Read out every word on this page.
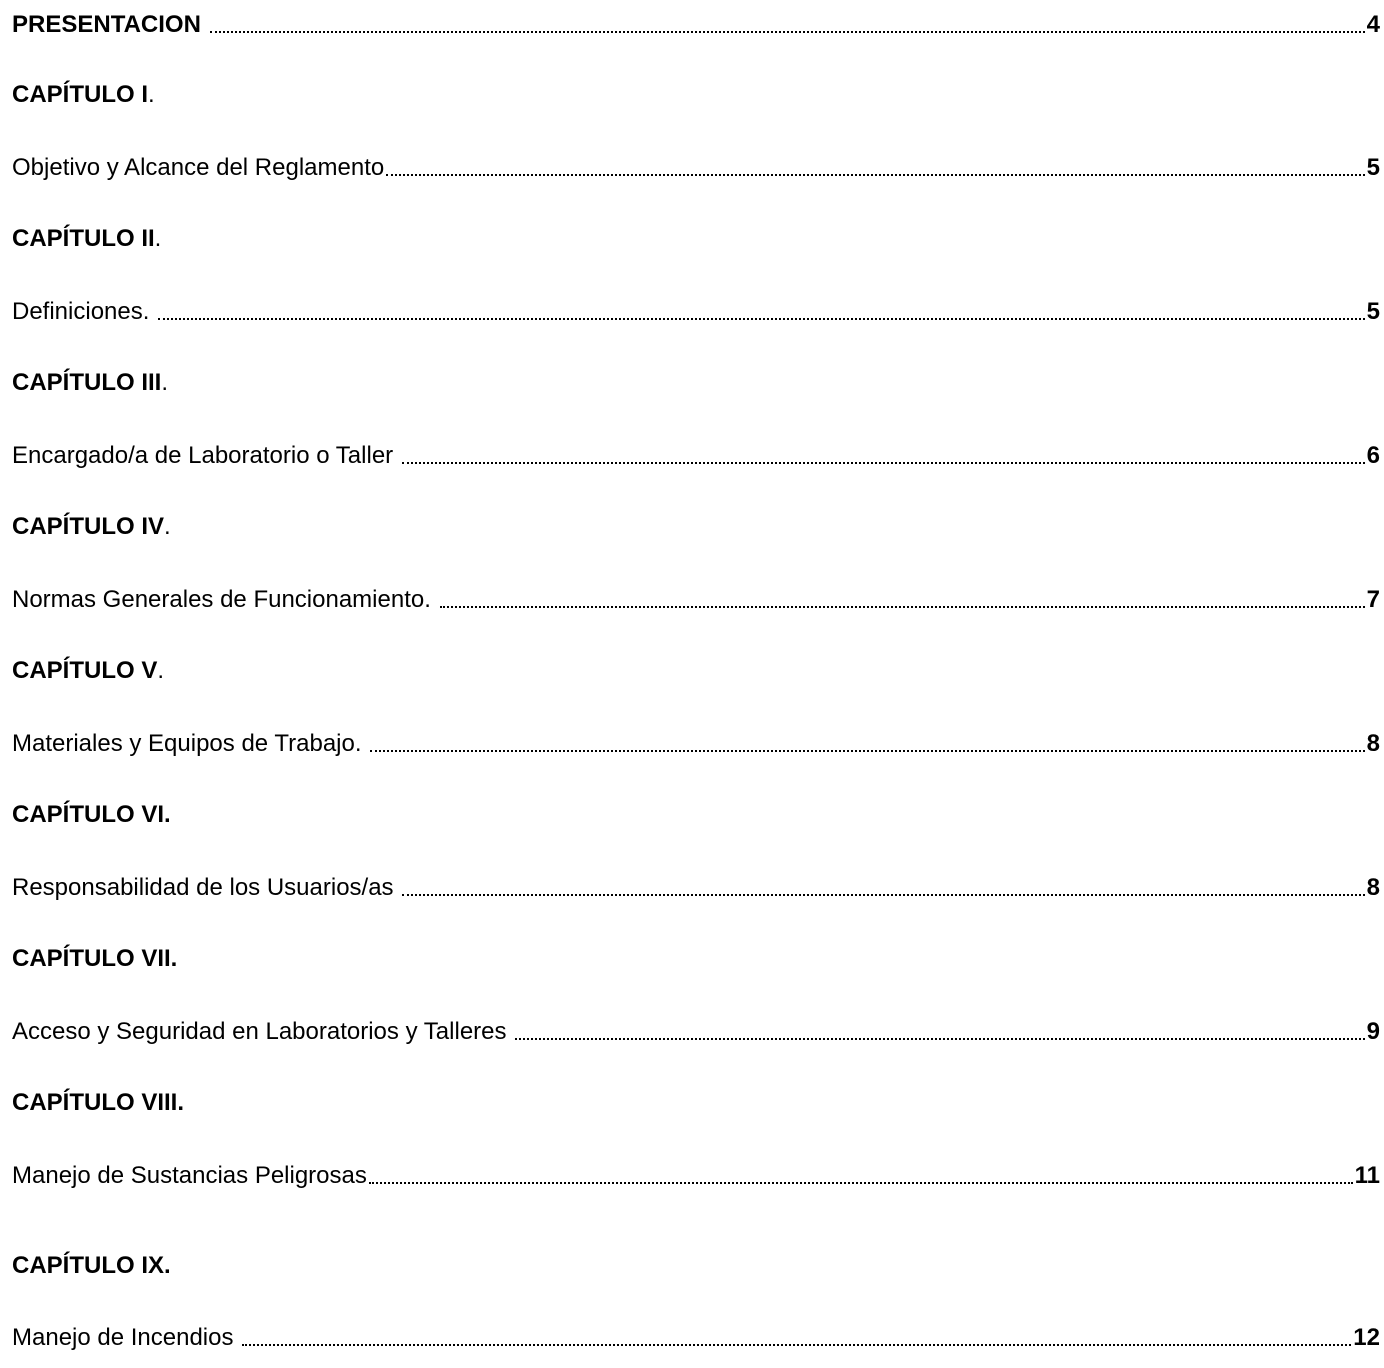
PRESENTACION	4
CAPÍTULO I.
Objetivo y Alcance del Reglamento	5
CAPÍTULO II.
Definiciones.	5
CAPÍTULO III.
Encargado/a de Laboratorio o Taller	6
CAPÍTULO IV.
Normas Generales de Funcionamiento.	7
CAPÍTULO V.
Materiales y Equipos de Trabajo.	8
CAPÍTULO VI.
Responsabilidad de los Usuarios/as	8
CAPÍTULO VII.
Acceso y Seguridad en Laboratorios y Talleres	9
CAPÍTULO VIII.
Manejo de Sustancias Peligrosas	11
CAPÍTULO IX.
Manejo de Incendios	12
